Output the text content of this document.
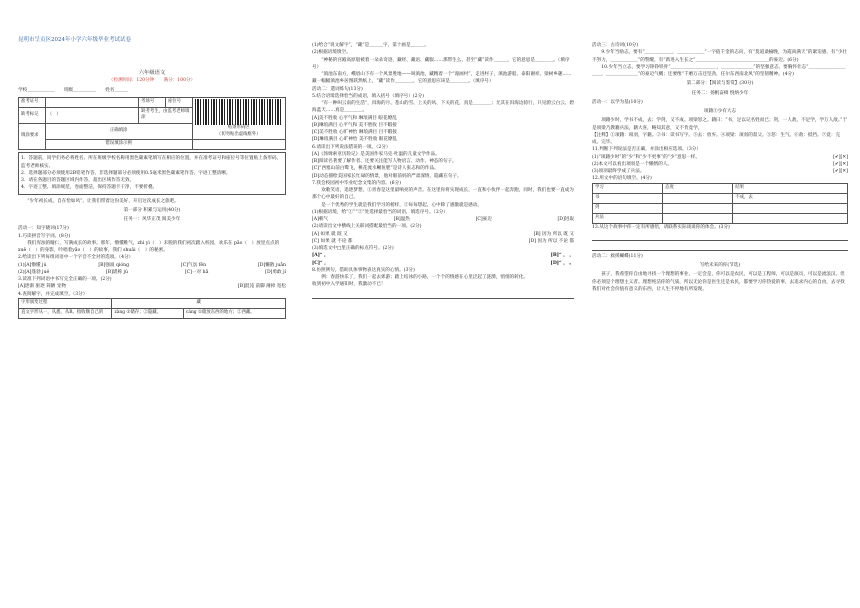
昆明市呈贡区2024年小学六年级毕业考试试卷
六年级语文
（检测时间：120分钟　　满分：100分）
学校＿＿＿＿＿＿　　班级＿＿＿＿＿　　姓名＿＿＿
准考证号		考场号	座位号	贴条形码区
（切勿贴出虚线框外）

缺考标记	（　）	缺考考生，由监考老师填涂		
填涂要求	正确填涂			
	错误填涂示例			

1．答题前，同学们务必将姓名、所在班级学校名称用黑色碳素笔填写在相应的位置，并在准考证号和座位号等位置贴上条形码，监考老师核实。

2．选择题部分必须使用2B铅笔作答，非选择题部分必须使用0.5毫米黑色碳素笔作答，字迹工整清晰。

3．请在各题目的答题区域内作答，超出区域作答无效。

4．字迹工整，填涂规范，卷面整洁，保持答题卡干净，不要折叠。

“少年初长成，自在恰如风”，让我们带着这份美好，开启这次成长之旅吧。

第一部分 积累与运用(40分)
任务一：风华正茂 阅美少年

活动一：知字晓词(17分)

1.巧读拼音写字词。(8分)

我们浑浊的瞳仁，写满成长的故事。那年，懵懂稚气，zhì yì（　）未脱的我们初次踏入校园，欢乐在 pǎo（　）放里点点的 xuě（　）的身影，吟唱着yǎo（　）的故事，我们 shuāi（　）的秘密。

2.给读出下列每组词语中一个字音不全对的选项。（4分）

(1)[A]懵懂 jú	[B]强溢 qióng	[C]气氛 fēn	[D]懒散 juǎn
(2)[A]蓬勃 jué	[B]堪称 jú	[C]一对 hǎ	[D]勇敢 jí

3.读准下列词语中书写完全正确的一项。(2分)

[A]逐渐 驱逐 简陋 宠物	[B]混沌 前脚 薄掉 宽松

4.查阅解字，并完成填空。（3分）

字形演变过程	藏	
直文字形从一，从悉，从B。指收顺自己的	zàng ①储存；②隐藏。	cáng ①储放东西的地方；②西藏。

(1)给合“说文解字”，“藏”是＿＿＿字，第十画是＿＿＿。

(2)根据语境填空。

“神秘的宫殿高原般被着一朵朵奇迹，藏经、藏语、藏服……那带生么，甚至“藏”读作＿＿＿，它的意思是＿＿＿＿。（填序号）

“滇池东南方，峨眉山下有一个风景胜地——叫滇池，藏精着一个“漫画村”，走进村子，滇池游船、泰阳谢祥、梁树乡趣……藏一幅幅滇池乡居图跃然纸上，“藏”读作＿＿＿＿，它的意思应该是＿＿＿＿。（填序号）

活动二：遣词炼句(13分)

5.结合语境选择恰当的成语，填入括号（填序号）(2分)

“有一种叫云南的生活”，洱海的月、苍山的雪、上关的风、下关的花，真是＿＿＿＿；尤其在洱海边骑行，只见蔚云白云、碧海蓝天……真是＿＿＿＿。

[A]美不胜收 心平气和 琳琅满目 眼花缭乱

[B]琳琅满目 心平气和 美不胜收 目不暇接

[C]美不胜收 心旷神怡 琳琅满目 目不暇接

[D]琳琅满目 心旷神怡 美不胜收 眼花缭乱

6.请读出下列说法错误的一项。（2分）

[A]《汤姆索亚历险记》是美国作家马克·吐温的儿童文学作品。

[B]阅读名著要了解作者、还要关注能写人物语言、动作、神态的句子。

[C]“西塞山前白鹭飞，桃花流水鳜鱼肥”是诗人张志和的作品。

[D]动态描绘美国家长忙碌的情景，他对眼前妈的严肃深情，隐藏在句子。

7.我会校园初中毕业纪念文集的内容。(6分)

欢歌笑语，追逐梦想，①青春是这里最响亮的声音。在这里你将实现成长，一直和小伙伴一起奔跑，同时，我们也要一直成为那个心中最好的自己。

是一个优秀的学生就是我们学习的榜样，②每每想起，心中除了感激就是感动。

(1)根据语境，给“①”“②”处选择最恰当的词语，填选序号。（2分）

[A]朝气	[B]温热	[C]豪迈	[D]进取

(2)请读出文中横线上关联词搭配最恰当的一项。(2分)

[A] 如果 就 既 又	[B] 因为 所以 既 又
[C] 如果 就 不论 都	[D] 因为 所以 不论 都

(3)填选文中□里正确的标点符号。(2分)

[A]“ ，	[B]“ ， ，
[C]“ ，	[D]“ ， 。

8.仿照例句，借助具体事物表达真实的心情。(3分)

例：春游快乐了，我们一起去郊游；踏上结冰的小路，一个个的情感在心里泛起了涟漪，悄悄的转化。

收到初中入学通知时，我激动不已！

活动三：古诗词(10分)

9.少年当励志，要有“＿＿＿＿＿＿，＿＿＿＿＿＿”一字值千金的志向，有“莫道桑榆晚，为霞尚满天”的紧迫感，有“少壮不努力，＿＿＿＿＿＿”的警醒，有“新进入生长之”＿＿＿＿＿＿＿＿＿＿＿＿＿＿＿＿的豪迈。(6分)

10.少年当立志，要学习铮铮铁骨“＿＿＿＿＿＿＿＿＿＿，＿＿＿＿＿＿＿”的坚强意志，要胸怀壮志“＿＿＿＿＿＿＿＿＿＿，＿＿＿＿＿＿＿”的豪迈气概；还要像“千磨万击还坚劲，任尔东西南北风”的坚韧精神。(4分)

第二部分：【阅读与鉴赏】(30分)
任务二：扬帆奋楫 悦纳少年

活动一：以学为基(10分)

项籍①少有大志

项籍少时，学书不成，去；学剑，又不成。项梁怒之。籍曰：“书，足以记名姓而已；剑，一人敌，不足学，学万人敌。”于是项梁乃教籍兵法，籍大喜，略知其意，又不肯竟学。

【注释】①项籍：项羽，字籍。②书：读书写字。③去：放弃。④项梁：项羽的叔父。⑤怒：生气。⑥敌：抵挡。⑦竟：完成、完毕。

11.判断下列说法是否正确，并涂出相应选项。（3分）

(1)“项籍少时”的“少”和“少不更事”的“少”意思一样。	[✔][✕]
(2)本文可以看出项羽是一个懒惰的人。	[✔][✕]
(3)项羽最终学成了兵法。	[✔][✕]

12.用文中的语句填空。(4分)

学习	态度	结果
书		不成，去
剑		
兵法		

13.从这个故事中你一定有所感悟，请联系实际谈谈你的体会。(3分)

活动二：救援蝴蝶(11分)

写给未来的你(节选)

孩子，我希望你自由地寻找一个理想的事业，一定会是，你可以是农民，可以是工程师，可以是演员，可以是流浪汉，但你必须是个理想主义者。理想纯洁你的气质，所以无论你是医生还是农民，都要学习你热爱的事，去追求内心的自由，去寻找我们对社会价值有意义的东西，让人生不停地有所发现。
